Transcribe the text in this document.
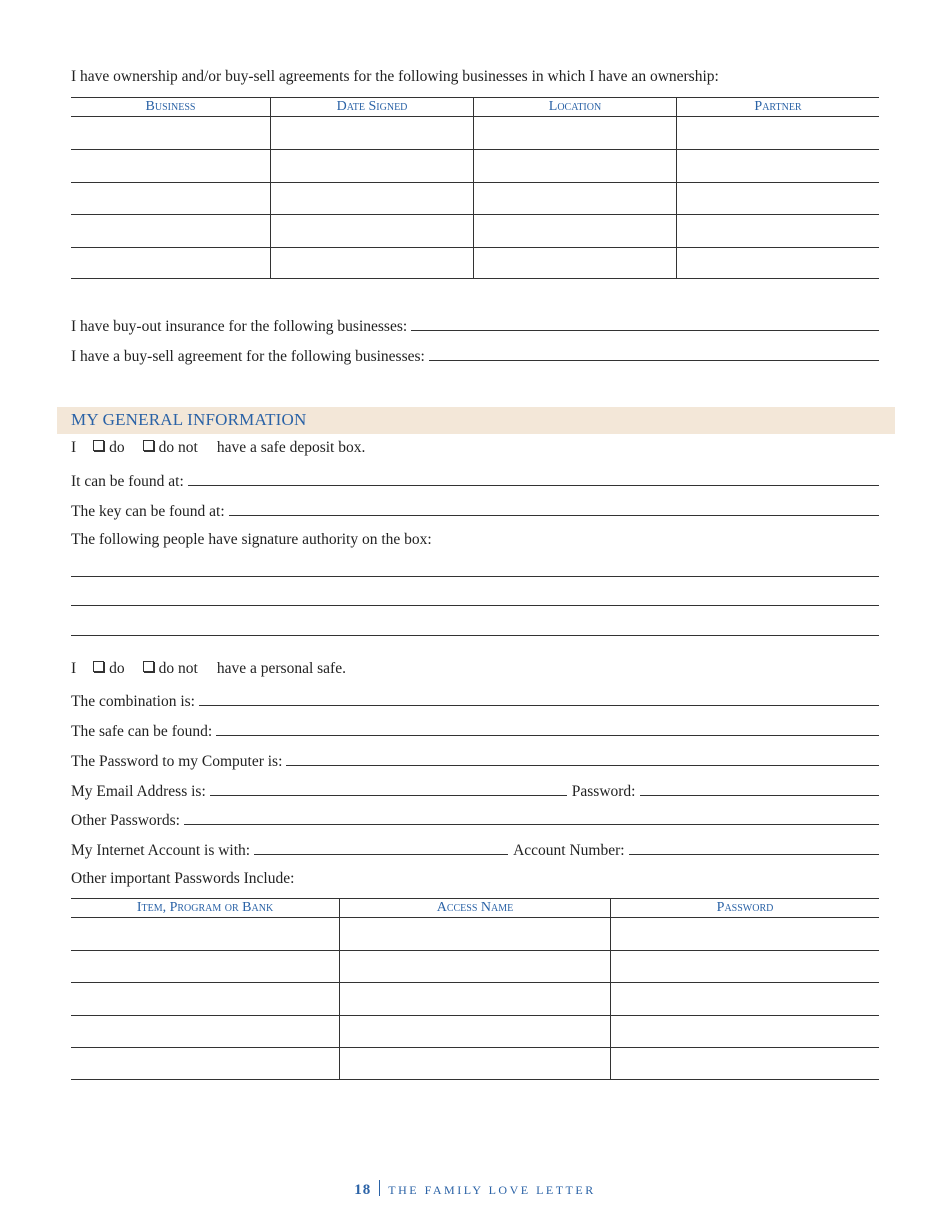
I have ownership and/or buy-sell agreements for the following businesses in which I have an ownership:
Business	Date Signed	Location	Partner

I have buy-out insurance for the following businesses:
I have a buy-sell agreement for the following businesses:
MY GENERAL INFORMATION
I do do not have a safe deposit box.
It can be found at:
The key can be found at:
The following people have signature authority on the box:
I do do not have a personal safe.
The combination is:
The safe can be found:
The Password to my Computer is:
My Email Address is:	Password:
Other Passwords:
My Internet Account is with:	Account Number:
Other important Passwords Include:
Item, Program or Bank	Access Name	Password

18 THE FAMILY LOVE LETTER
